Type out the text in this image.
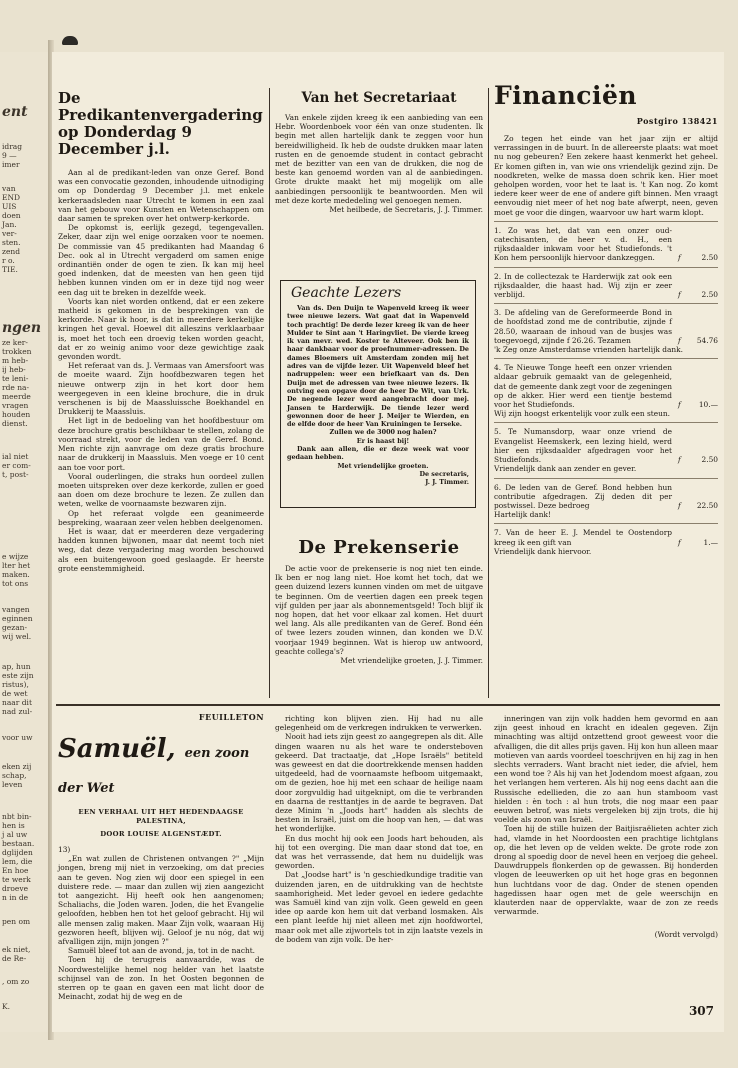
ent
idrag
9 —
imer
van
END
UIS
doen
Jan.
ver-
sten.
zend
r o.
TIE.
ngen
ze ker-
trokken
m heb-
ij heb-
te leni-
rde na-
meerde
vragen
houden
dienst.
ial niet
er com-
t, post-
e wijze
lter het
maken.
tot ons
vangen
eginnen
gezan-
wij wel.
ap, hun
este zijn
ristus),
de wet
naar dit
nad zul-
voor uw
eken zij
schap,
leven
nbt bin-
hen is
j al uw
bestaan.
dglijden
lem, die
En hoe
te werk
droeve
n in de
pen om
ek niet,
de Re-
, om zo
K.
De Predikantenvergadering
op Donderdag 9 December j.l.

Aan al de predikant-leden van onze Geref. Bond was een convocatie gezonden, inhoudende uitnodiging om op Donderdag 9 December j.l. met enkele kerkeraadsleden naar Utrecht te komen in een zaal van het gebouw voor Kunsten en Wetenschappen om daar samen te spreken over het ontwerp-kerkorde.

De opkomst is, eerlijk gezegd, tegengevallen. Zeker, daar zijn wel enige oorzaken voor te noemen. De commissie van 45 predikanten had Maandag 6 Dec. ook al in Utrecht vergaderd om samen enige ordinantiën onder de ogen te zien. Ik kan mij heel goed indenken, dat de meesten van hen geen tijd hebben kunnen vinden om er in deze tijd nog weer een dag uit te breken in dezelfde week.

Voorts kan niet worden ontkend, dat er een zekere matheid is gekomen in de besprekingen van de kerkorde. Naar ik hoor, is dat in meerdere kerkelijke kringen het geval. Hoewel dit alleszins verklaarbaar is, moet het toch een droevig teken worden geacht, dat er zo weinig animo voor deze gewichtige zaak gevonden wordt.

Het referaat van ds. J. Vermaas van Amersfoort was de moeite waard. Zijn hoofdbezwaren tegen het nieuwe ontwerp zijn in het kort door hem weergegeven in een kleine brochure, die in druk verschenen is bij de Maassluissche Boekhandel en Drukkerij te Maassluis.

Het ligt in de bedoeling van het hoofdbestuur om deze brochure gratis beschikbaar te stellen, zolang de voorraad strekt, voor de leden van de Geref. Bond. Men richte zijn aanvrage om deze gratis brochure naar de drukkerij in Maassluis. Men voege er 10 cent aan toe voor port.

Vooral ouderlingen, die straks hun oordeel zullen moeten uitspreken over deze kerkorde, zullen er goed aan doen om deze brochure te lezen. Ze zullen dan weten, welke de voornaamste bezwaren zijn.

Op het referaat volgde een geanimeerde bespreking, waaraan zeer velen hebben deelgenomen.

Het is waar, dat er meerderen deze vergadering hadden kunnen bijwonen, maar dat neemt toch niet weg, dat deze vergadering mag worden beschouwd als een buitengewoon goed geslaagde. Er heerste grote eenstemmigheid.

Van het Secretariaat

Van enkele zijden kreeg ik een aanbieding van een Hebr. Woordenboek voor één van onze studenten. Ik begin met allen hartelijk dank te zeggen voor hun bereidwilligheid. Ik heb de oudste drukken maar laten rusten en de genoemde student in contact gebracht met de bezitter van een van de drukken, die nog de beste kan genoemd worden van al de aanbiedingen. Grote drukte maakt het mij mogelijk om alle aanbiedingen persoonlijk te beantwoorden. Men wil met deze korte mededeling wel genoegen nemen.

Met heilbede, de Secretaris, J. J. Timmer.

Geachte Lezers

Van ds. Den Duijn te Wapenveld kreeg ik weer twee nieuwe lezers. Wat gaat dat in Wapenveld toch prachtig! De derde lezer kreeg ik van de heer Mulder te Sint aan 't Haringvliet. De vierde kreeg ik van mevr. wed. Koster te Alteveer. Ook ben ik haar dankbaar voor de proefnummer-adressen. De dames Bloemers uit Amsterdam zonden mij het adres van de vijfde lezer. Uit Wapenveld bleef het nadruppelen: weer een briefkaart van ds. Den Duijn met de adressen van twee nieuwe lezers. Ik ontving een opgave door de heer De Wit, van Urk. De negende lezer werd aangebracht door mej. Jansen te Harderwijk. De tiende lezer werd gewonnen door de heer J. Meijer te Wierden, en de elfde door de heer Van Kruiningen te Ierseke.

Zullen we de 3000 nog halen?

Er is haast bij!

Dank aan allen, die er deze week wat voor gedaan hebben.

Met vriendelijke groeten.

De secretaris,

J. J. Timmer.

De Prekenserie

De actie voor de prekenserie is nog niet ten einde. Ik ben er nog lang niet. Hoe komt het toch, dat we geen duizend lezers kunnen vinden om met de uitgave te beginnen. Om de veertien dagen een preek tegen vijf gulden per jaar als abonnementsgeld! Toch blijf ik nog hopen, dat het voor elkaar zal komen. Het duurt wel lang. Als alle predikanten van de Geref. Bond één of twee lezers zouden winnen, dan konden we D.V. voorjaar 1949 beginnen. Wat is hierop uw antwoord, geachte collega's?

Met vriendelijke groeten, J. J. Timmer.

Financiën
Postgiro 138421

Zo tegen het einde van het jaar zijn er altijd verrassingen in de buurt. In de allereerste plaats: wat moet nu nog gebeuren? Een zekere haast kenmerkt het geheel. Er komen giften in, van wie ons vriendelijk gezind zijn. De noodkreten, welke de massa doen schrik ken. Hier moet geholpen worden, voor het te laat is. 't Kan nog. Zo komt iedere keer weer de ene of andere gift binnen. Men vraagt eenvoudig niet meer of het nog bate afwerpt, neen, geven moet ge voor die dingen, waarvoor uw hart warm klopt.

1. Zo was het, dat van een onzer oud-catechisanten, de heer v. d. H., een rijksdaalder inkwam voor het Studiefonds. 't Kon hem persoonlijk hiervoor dankzeggen.	f	2.50
2. In de collectezak te Harderwijk zat ook een rijksdaalder, die haast had. Wij zijn er zeer verblijd.	f	2.50
3. De afdeling van de Gereformeerde Bond in de hoofdstad zond me de contributie, zijnde f 28.50, waaraan de inhoud van de busjes was toegevoegd, zijnde f 26.26. Tezamen	f	54.76

'k Zeg onze Amsterdamse vrienden hartelijk dank.

4. Te Nieuwe Tonge heeft een onzer vrienden aldaar gebruik gemaakt van de gelegenheid, dat de gemeente dank zegt voor de zegeningen op de akker. Hier werd een tientje bestemd voor het Studiefonds.	f	10.—

Wij zijn hoogst erkentelijk voor zulk een steun.

5. Te Numansdorp, waar onze vriend de Evangelist Heemskerk, een lezing hield, werd hier een rijksdaalder afgedragen voor het Studiefonds.	f	2.50

Vriendelijk dank aan zender en gever.

6. De leden van de Geref. Bond hebben hun contributie afgedragen. Zij deden dit per postwissel. Deze bedroeg	f	22.50

Hartelijk dank!

7. Van de heer E. J. Mendel te Oostendorp kreeg ik een gift van	f	1.—

Vriendelijk dank hiervoor.

FEUILLETON
Samuël, een zoon der Wet
EEN VERHAAL UIT HET HEDENDAAGSE
PALESTINA,
DOOR LOUISE ALGENSTÆDT.

13)

„En wat zullen de Christenen ontvangen ?" „Mijn jongen, breng mij niet in verzoeking, om dat precies aan te geven. Nog zien wij door een spiegel in een duistere rede. — maar dan zullen wij zien aangezicht tot aangezicht. Hij heeft ook hen aangenomen; Schaliachs, die Joden waren. Joden, die het Evangelie geloofden, hebben hen tot het geloof gebracht. Hij wil alle mensen zalig maken. Maar Zijn volk, waaraan Hij gezworen heeft, blijven wij. Geloof je nu nóg, dat wij afvalligen zijn, mijn jongen ?"

Samuël bleef tot aan de avond, ja, tot in de nacht.

Toen hij de terugreis aanvaardde, was de Noordwestelijke hemel nog helder van het laatste schijnsel van de zon. In het Oosten begonnen de sterren op te gaan en gaven een mat licht door de Meinacht, zodat hij de weg en de

richting kon blijven zien. Hij had nu alle gelegenheid om de verkregen indrukken te verwerken.

Nooit had iets zijn geest zo aangegrepen als dit. Alle dingen waaren nu als het ware te ondersteboven gekeerd. Dat tractaatje, dat „Hope Israëls" betiteld was geweest en dat die doortrekkende mensen hadden uitgedeeld, had de voornaamste hefboom uitgemaakt, om de gezien, hoe hij met een schaar de heilige naam door zorgvuldig had uitgeknipt, om die te verbranden en daarna de resttantjes in de aarde te begraven. Dat deze Minim 'n „Joods hart" hadden als slechts de besten in Israël, juist om die hoop van hen, — dat was het wonderlijke.

En dus mocht hij ook een Joods hart behouden, als hij tot een overging. Die man daar stond dat toe, en dat was het verrassende, dat hem nu duidelijk was geworden.

Dat „Joodse hart" is 'n geschiedkundige traditie van duizenden jaren, en de uitdrukking van de hechtste saamhorigheid. Met leder gevoel en iedere gedachte was Samuël kind van zijn volk. Geen geweld en geen idee op aarde kon hem uit dat verband losmaken. Als een plant leefde hij niet alleen met zijn hoofdwortel, maar ook met alle zijwortels tot in zijn laatste vezels in de bodem van zijn volk. De her-

inneringen van zijn volk hadden hem gevormd en aan zijn geest inhoud en kracht en idealen gegeven. Zijn minachting was altijd ontzettend groot geweest voor die afvalligen, die dit alles prijs gaven. Hij kon hun alleen maar motieven van aards voordeel toeschrijven en hij zag in hen slechts verraders. Want bracht niet ieder, die afviel, hem een wond toe ? Als hij van het Jodendom moest afgaan, zou het verlangen hem verteren. Als hij nog eens dacht aan die Russische edellieden, die zo aan hun stamboom vast hielden : èn toch : al hun trots, die nog maar een paar eeuwen betrof, was niets vergeleken bij zijn trots, die hij voelde als zoon van Israël.

Toen hij de stille huizen der Baitjisraëlieten achter zich had, vlamde in het Noordoosten een prachtige lichtglans op, die het leven op de velden wekte. De grote rode zon drong al spoedig door de nevel heen en verjoeg die geheel. Dauwdruppels flonkerden op de gewassen. Bij honderden vlogen de leeuwerken op uit het hoge gras en begonnen hun luchtdans voor de dag. Onder de stenen openden hagedissen haar ogen met de gele weerschijn en klauterden naar de oppervlakte, waar de zon ze reeds verwarmde.

(Wordt vervolgd)

307
